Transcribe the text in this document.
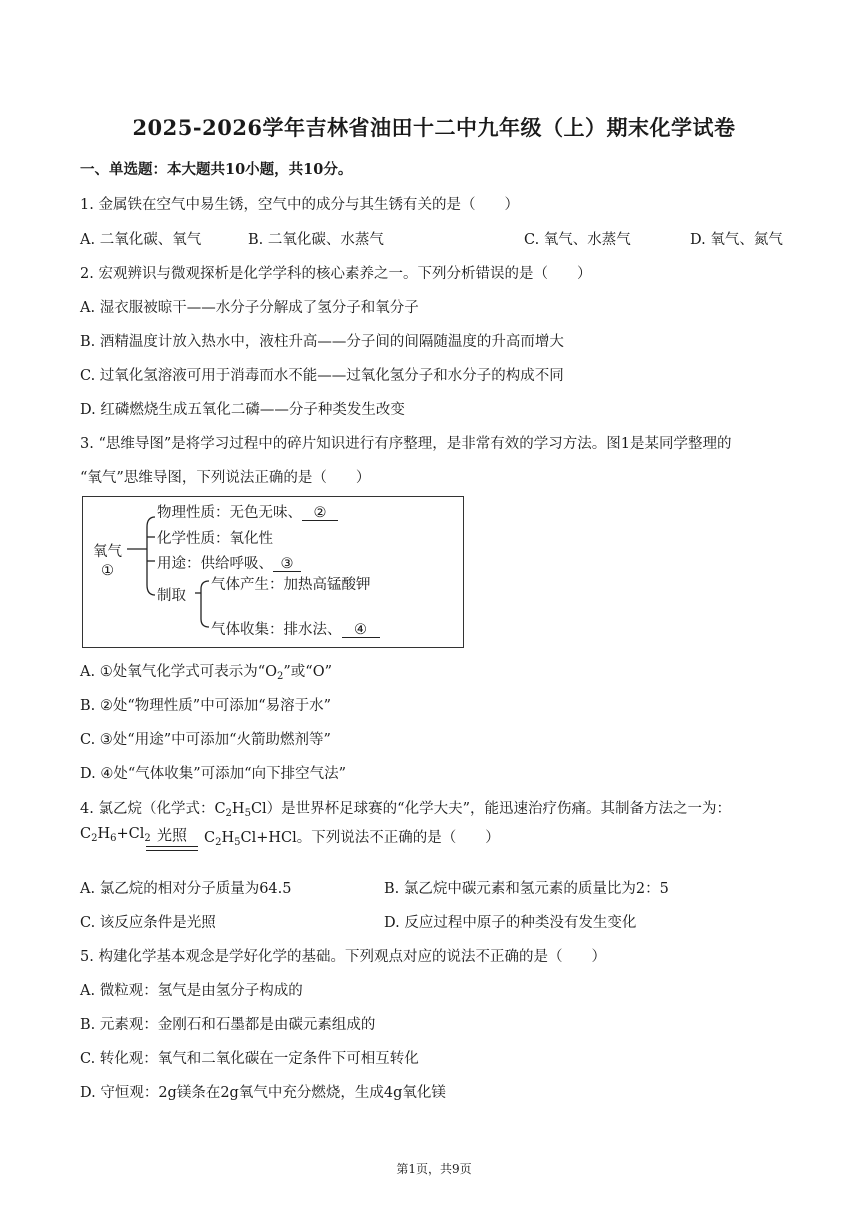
2025-2026学年吉林省油田十二中九年级（上）期末化学试卷
一、单选题：本大题共10小题，共10分。
1. 金属铁在空气中易生锈，空气中的成分与其生锈有关的是（　　）
A. 二氧化碳、氧气	B. 二氧化碳、水蒸气	C. 氧气、水蒸气	D. 氧气、氮气
2. 宏观辨识与微观探析是化学学科的核心素养之一。下列分析错误的是（　　）
A. 湿衣服被晾干——水分子分解成了氢分子和氧分子
B. 酒精温度计放入热水中，液柱升高——分子间的间隔随温度的升高而增大
C. 过氧化氢溶液可用于消毒而水不能——过氧化氢分子和水分子的构成不同
D. 红磷燃烧生成五氧化二磷——分子种类发生改变
3. “思维导图”是将学习过程中的碎片知识进行有序整理，是非常有效的学习方法。图1是某同学整理的
“氧气”思维导图，下列说法正确的是（　　）
氧气
①
物理性质：无色无味、 ②
化学性质：氧化性
用途：供给呼吸、 ③
制取
气体产生：加热高锰酸钾
气体收集：排水法、 ④
A. ①处氧气化学式可表示为“$O_2$”或“O”
B. ②处“物理性质”中可添加“易溶于水”
C. ③处“用途”中可添加“火箭助燃剂等”
D. ④处“气体收集”可添加“向下排空气法”
4. 氯乙烷（化学式：$C_2H_5Cl$）是世界杯足球赛的“化学大夫”，能迅速治疗伤痛。其制备方法之一为：
$C_2H_6+Cl_2$ 光照	$C_2H_5Cl+HCl$。下列说法不正确的是（　　）
A. 氯乙烷的相对分子质量为64.5	B. 氯乙烷中碳元素和氢元素的质量比为2：5
C. 该反应条件是光照	D. 反应过程中原子的种类没有发生变化
5. 构建化学基本观念是学好化学的基础。下列观点对应的说法不正确的是（　　）
A. 微粒观：氢气是由氢分子构成的
B. 元素观：金刚石和石墨都是由碳元素组成的
C. 转化观：氧气和二氧化碳在一定条件下可相互转化
D. 守恒观：2g镁条在2g氧气中充分燃烧，生成4g氧化镁
第1页，共9页
